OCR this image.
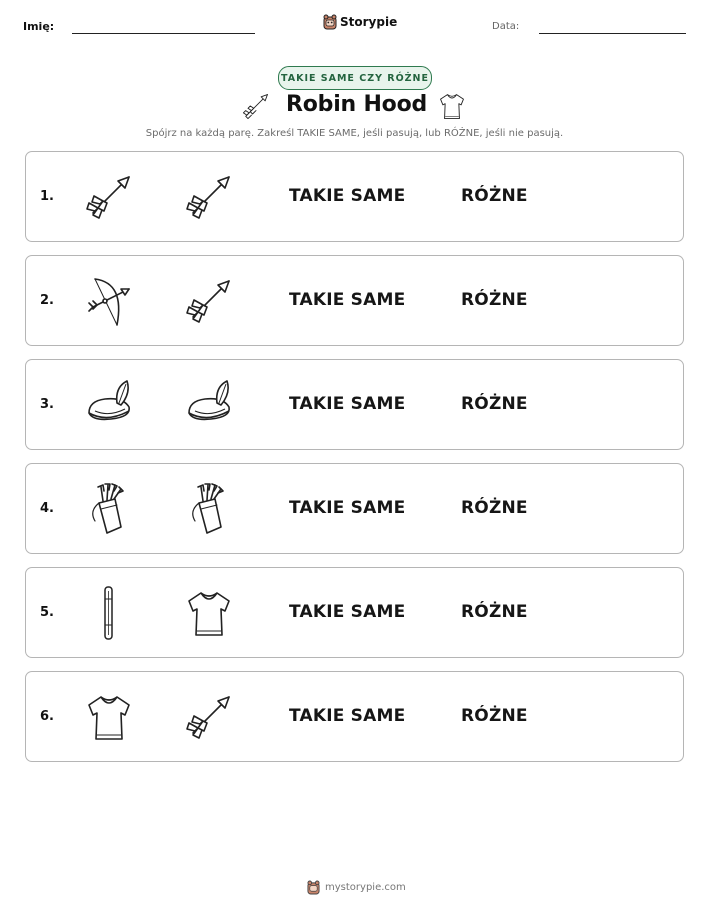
Imię:	Storypie	Data:
TAKIE SAME CZY RÓŻNE
Robin Hood
Spójrz na każdą parę. Zakreśl TAKIE SAME, jeśli pasują, lub RÓŻNE, jeśli nie pasują.
1.	TAKIE SAME	RÓŻNE
2.	TAKIE SAME	RÓŻNE
3.	TAKIE SAME	RÓŻNE
4.	TAKIE SAME	RÓŻNE
5.	TAKIE SAME	RÓŻNE
6.	TAKIE SAME	RÓŻNE
mystorypie.com
